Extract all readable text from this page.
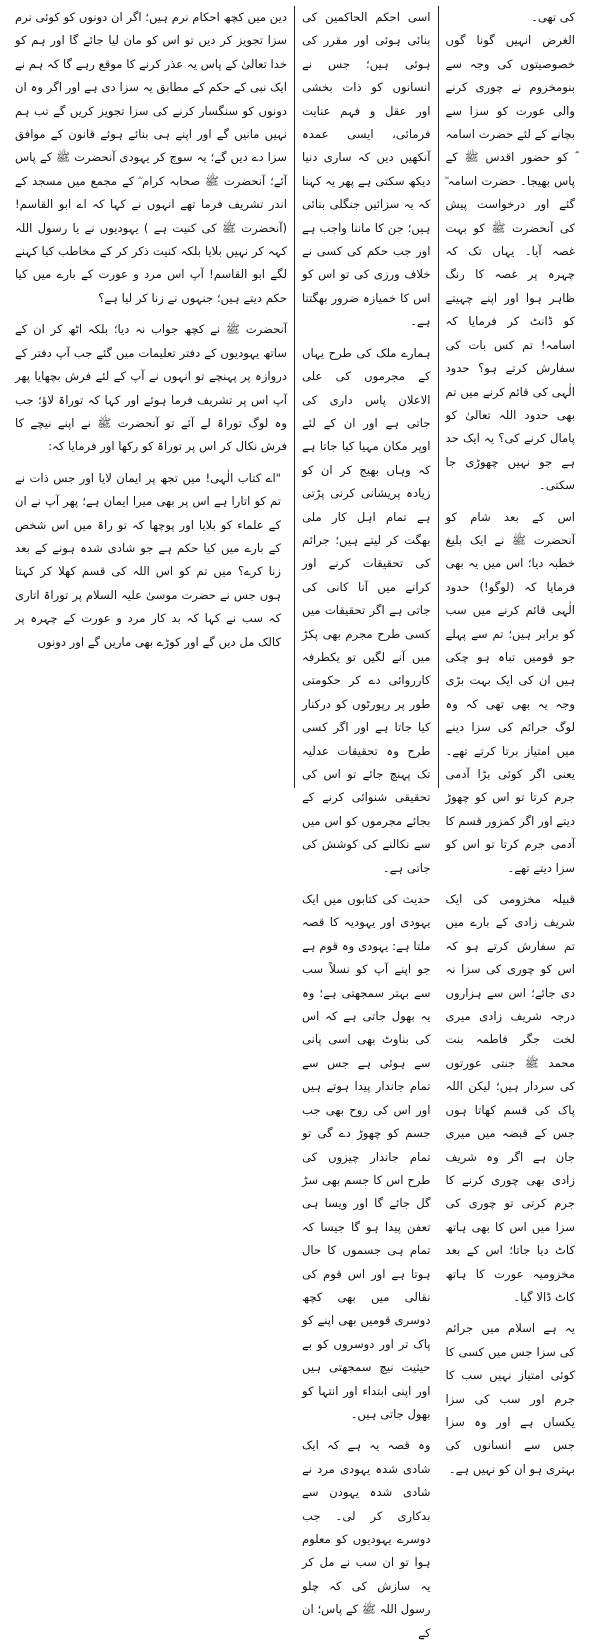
کی تھی۔

الغرض انہیں گونا گوں خصوصیتوں کی وجہ سے بنومخزوم نے چوری کرنے والی عورت کو سزا سے بچانے کے لئے حضرت اسامہ ؓ کو حضور اقدس ﷺ کے پاس بھیجا۔ حضرت اسامہ ؓ گئے اور درخواست پیش کی آنحضرت ﷺ کو بہت غصہ آیا۔ یہاں تک کہ چہرہ پر غصہ کا رنگ ظاہر ہوا اور اپنے چہیتے کو ڈانٹ کر فرمایا کہ اسامہ! تم کس بات کی سفارش کرتے ہو؟ حدود الٰہی کی قائم کرنے میں تم بھی حدود اللہ تعالیٰ کو پامال کرنے کی؟ یہ ایک حد ہے جو نہیں چھوڑی جا سکتی۔

اس کے بعد شام کو آنحضرت ﷺ نے ایک بلیغ خطبہ دیا؛ اس میں یہ بھی فرمایا کہ (لوگو!) حدود الٰہی قائم کرنے میں سب کو برابر ہیں؛ تم سے پہلے جو قومیں تباہ ہو چکی ہیں ان کی ایک بہت بڑی وجہ یہ بھی تھی کہ وہ لوگ جرائم کی سزا دینے میں امتیاز برتا کرتے تھے۔ یعنی اگر کوئی بڑا آدمی جرم کرتا تو اس کو چھوڑ دیتے اور اگر کمزور قسم کا آدمی جرم کرتا تو اس کو سزا دیتے تھے۔

قبیلہ مخزومی کی ایک شریف زادی کے بارے میں تم سفارش کرتے ہو کہ اس کو چوری کی سزا نہ دی جائے؛ اس سے ہزاروں درجہ شریف زادی میری لخت جگر فاطمہ بنت محمد ﷺ جنتی عورتوں کی سردار ہیں؛ لیکن اللہ پاک کی قسم کھاتا ہوں جس کے قبضہ میں میری جان ہے اگر وہ شریف زادی بھی چوری کرنے کا جرم کرتی تو چوری کی سزا میں اس کا بھی ہاتھ کاٹ دیا جاتا؛ اس کے بعد مخزومیہ عورت کا ہاتھ کاٹ ڈالا گیا۔

یہ ہے اسلام میں جرائم کی سزا جس میں کسی کا کوئی امتیاز نہیں سب کا جرم اور سب کی سزا یکساں ہے اور وہ سزا جس سے انسانوں کی بہتری ہو ان کو نہیں ہے۔

اسی احکم الحاکمین کی بنائی ہوئی اور مقرر کی ہوئی ہیں؛ جس نے انسانوں کو ذات بخشی اور عقل و فہم عنایت فرمائی، ایسی عمدہ آنکھیں دیں کہ ساری دنیا دیکھ سکتی ہے پھر یہ کہنا کہ یہ سزائیں جنگلی بنائی ہیں؛ جن کا ماننا واجب ہے اور جب حکم کی کسی نے خلاف ورزی کی تو اس کو اس کا خمیازہ ضرور بھگتنا ہے۔

ہمارے ملک کی طرح یہاں کے مجرموں کی علی الاعلان پاس داری کی جاتی ہے اور ان کے لئے اوپر مکان مہیا کیا جاتا ہے کہ وہاں بھیج کر ان کو زیادہ پریشانی کرنی پڑتی ہے تمام اہل کار ملی بھگت کر لیتے ہیں؛ جرائم کی تحقیقات کرنے اور کرانے میں آنا کانی کی جاتی ہے اگر تحقیقات میں کسی طرح مجرم بھی پکڑ میں آنے لگیں تو یکطرفہ کارروائی دے کر حکومتی طور پر رپورٹوں کو درکنار کیا جاتا ہے اور اگر کسی طرح وہ تحقیقات عدلیہ تک پہنچ جائے تو اس کی تحقیقی شنوائی کرنے کے بجائے مجرموں کو اس میں سے نکالنے کی کوشش کی جاتی ہے۔

حدیث کی کتابوں میں ایک یہودی اور یہودیہ کا قصہ ملتا ہے: یہودی وہ قوم ہے جو اپنے آپ کو نسلاً سب سے بہتر سمجھتی ہے؛ وہ یہ بھول جاتی ہے کہ اس کی بناوٹ بھی اسی پانی سے ہوئی ہے جس سے تمام جاندار پیدا ہوتے ہیں اور اس کی روح بھی جب جسم کو چھوڑ دے گی تو تمام جاندار چیزوں کی طرح اس کا جسم بھی سڑ گل جائے گا اور ویسا ہی تعفن پیدا ہو گا جیسا کہ تمام ہی جسموں کا حال ہوتا ہے اور اس قوم کی نقالی میں بھی کچھ دوسری قومیں بھی اپنے کو پاک تر اور دوسروں کو بے حیثیت نیچ سمجھتی ہیں اور اپنی ابتداء اور انتہا کو بھول جاتی ہیں۔

وہ قصہ یہ ہے کہ ایک شادی شدہ یہودی مرد نے شادی شدہ یہودن سے بدکاری کر لی۔ جب دوسرے یہودیوں کو معلوم ہوا تو ان سب نے مل کر یہ سازش کی کہ چلو رسول اللہ ﷺ کے پاس؛ ان کے

دین میں کچھ احکام نرم ہیں؛ اگر ان دونوں کو کوئی نرم سزا تجویز کر دیں تو اس کو مان لیا جائے گا اور ہم کو خدا تعالیٰ کے پاس یہ عذر کرنے کا موقع رہے گا کہ ہم نے ایک نبی کے حکم کے مطابق یہ سزا دی ہے اور اگر وہ ان دونوں کو سنگسار کرنے کی سزا تجویز کریں گے تب ہم نہیں مانیں گے اور اپنے ہی بنائے ہوئے قانون کے موافق سزا دے دیں گے؛ یہ سوچ کر یہودی آنحضرت ﷺ کے پاس آئے؛ آنحضرت ﷺ صحابہ کرام ؓ کے مجمع میں مسجد کے اندر تشریف فرما تھے انہوں نے کہا کہ اے ابو القاسم! (آنحضرت ﷺ کی کنیت ہے ) یہودیوں نے یا رسول اللہ کہہ کر نہیں بلایا بلکہ کنیت ذکر کر کے مخاطب کیا کہنے لگے ابو القاسم! آپ اس مرد و عورت کے بارے میں کیا حکم دیتے ہیں؛ جنہوں نے زنا کر لیا ہے؟

آنحضرت ﷺ نے کچھ جواب نہ دیا؛ بلکہ اٹھ کر ان کے ساتھ یہودیوں کے دفتر تعلیمات میں گئے جب آپ دفتر کے دروازہ پر پہنچے تو انہوں نے آپ کے لئے فرش بچھایا پھر آپ اس پر تشریف فرما ہوئے اور کہا کہ توراۃ لاؤ؛ جب وہ لوگ توراۃ لے آئے تو آنحضرت ﷺ نے اپنے نیچے کا فرش نکال کر اس پر توراۃ کو رکھا اور فرمایا کہ:

"اے کتاب الٰہی! میں تجھ پر ایمان لایا اور جس ذات نے تم کو اتارا ہے اس پر بھی میرا ایمان ہے؛ پھر آپ نے ان کے علماء کو بلایا اور پوچھا کہ تو راۃ میں اس شخص کے بارے میں کیا حکم ہے جو شادی شدہ ہونے کے بعد زنا کرے؟ میں تم کو اس اللہ کی قسم کھلا کر کہتا ہوں جس نے حضرت موسیٰ علیہ السلام پر توراۃ اتاری کہ سب نے کہا کہ بد کار مرد و عورت کے چہرہ پر کالک مل دیں گے اور کوڑے بھی ماریں گے اور دونوں
